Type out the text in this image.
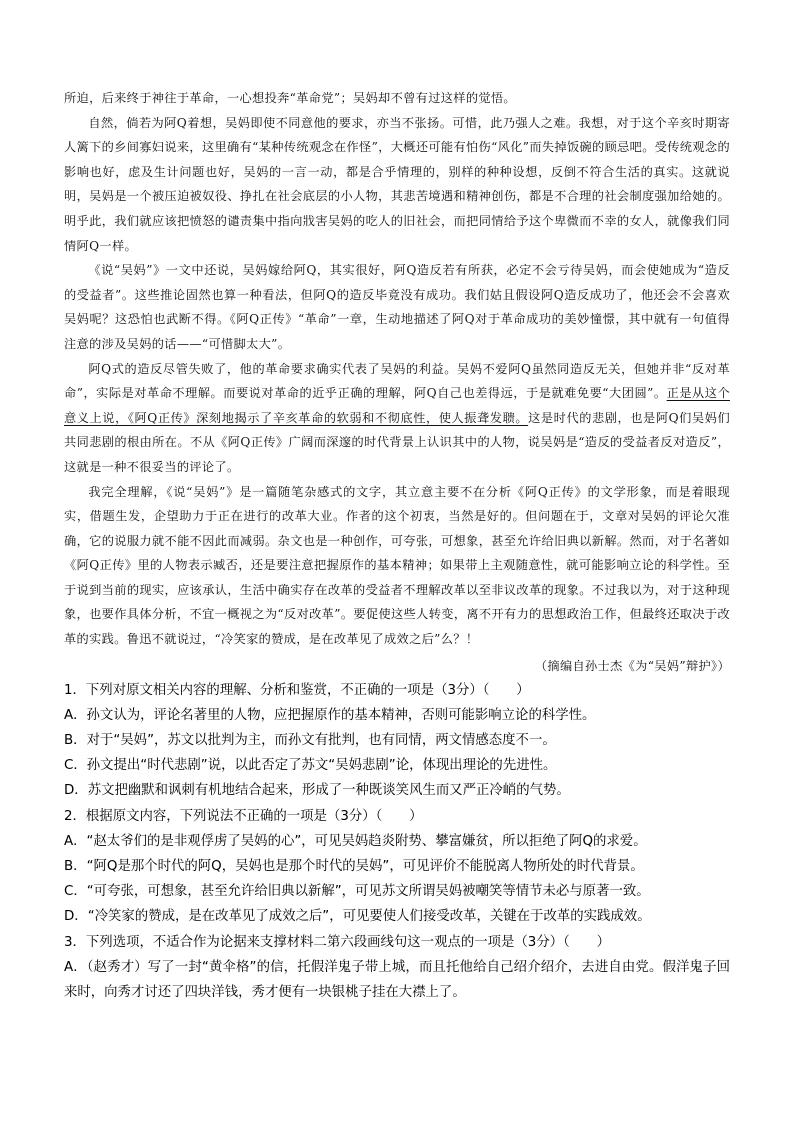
所迫，后来终于神往于革命，一心想投奔“革命党”；吴妈却不曾有过这样的觉悟。

自然，倘若为阿Q着想，吴妈即使不同意他的要求，亦当不张扬。可惜，此乃强人之难。我想，对于这个辛亥时期寄人篱下的乡间寡妇说来，这里确有“某种传统观念在作怪”，大概还可能有怕伤“风化”而失掉饭碗的顾忌吧。受传统观念的影响也好，虑及生计问题也好，吴妈的一言一动，都是合乎情理的，别样的种种设想，反倒不符合生活的真实。这就说明，吴妈是一个被压迫被奴役、挣扎在社会底层的小人物，其悲苦境遇和精神创伤，都是不合理的社会制度强加给她的。明乎此，我们就应该把愤怒的谴责集中指向戕害吴妈的吃人的旧社会，而把同情给予这个卑微而不幸的女人，就像我们同情阿Q一样。

《说“吴妈”》一文中还说，吴妈嫁给阿Q，其实很好，阿Q造反若有所获，必定不会亏待吴妈，而会使她成为“造反的受益者”。这些推论固然也算一种看法，但阿Q的造反毕竟没有成功。我们姑且假设阿Q造反成功了，他还会不会喜欢吴妈呢？这恐怕也武断不得。《阿Q正传》“革命”一章，生动地描述了阿Q对于革命成功的美妙憧憬，其中就有一句值得注意的涉及吴妈的话——“可惜脚太大”。

阿Q式的造反尽管失败了，他的革命要求确实代表了吴妈的利益。吴妈不爱阿Q虽然同造反无关，但她并非“反对革命”，实际是对革命不理解。而要说对革命的近乎正确的理解，阿Q自己也差得远，于是就难免要“大团圆”。正是从这个意义上说，《阿Q正传》深刻地揭示了辛亥革命的软弱和不彻底性，使人振聋发聩。这是时代的悲剧，也是阿Q们吴妈们共同悲剧的根由所在。不从《阿Q正传》广阔而深邃的时代背景上认识其中的人物，说吴妈是“造反的受益者反对造反”，这就是一种不很妥当的评论了。

我完全理解，《说“吴妈”》是一篇随笔杂感式的文字，其立意主要不在分析《阿Q正传》的文学形象，而是着眼现实，借题生发，企望助力于正在进行的改革大业。作者的这个初衷，当然是好的。但问题在于，文章对吴妈的评论欠准确，它的说服力就不能不因此而减弱。杂文也是一种创作，可夸张，可想象，甚至允许给旧典以新解。然而，对于名著如《阿Q正传》里的人物表示臧否，还是要注意把握原作的基本精神；如果带上主观随意性，就可能影响立论的科学性。至于说到当前的现实，应该承认，生活中确实存在改革的受益者不理解改革以至非议改革的现象。不过我以为，对于这种现象，也要作具体分析，不宜一概视之为“反对改革”。要促使这些人转变，离不开有力的思想政治工作，但最终还取决于改革的实践。鲁迅不就说过，“冷笑家的赞成，是在改革见了成效之后”么？！

（摘编自孙士杰《为“吴妈”辩护》）
1．下列对原文相关内容的理解、分析和鉴赏，不正确的一项是（3分）（　　）
A．孙文认为，评论名著里的人物，应把握原作的基本精神，否则可能影响立论的科学性。
B．对于“吴妈”，苏文以批判为主，而孙文有批判，也有同情，两文情感态度不一。
C．孙文提出“时代悲剧”说，以此否定了苏文“吴妈悲剧”论，体现出理论的先进性。
D．苏文把幽默和讽刺有机地结合起来，形成了一种既谈笑风生而又严正冷峭的气势。
2．根据原文内容，下列说法不正确的一项是（3分）（　　）
A．“赵太爷们的是非观俘虏了吴妈的心”，可见吴妈趋炎附势、攀富嫌贫，所以拒绝了阿Q的求爱。
B．“阿Q是那个时代的阿Q，吴妈也是那个时代的吴妈”，可见评价不能脱离人物所处的时代背景。
C．“可夸张，可想象，甚至允许给旧典以新解”，可见苏文所谓吴妈被嘲笑等情节未必与原著一致。
D．“冷笑家的赞成，是在改革见了成效之后”，可见要使人们接受改革，关键在于改革的实践成效。
3．下列选项，不适合作为论据来支撑材料二第六段画线句这一观点的一项是（3分）（　　）
A．（赵秀才）写了一封“黄伞格”的信，托假洋鬼子带上城，而且托他给自己绍介绍介，去进自由党。假洋鬼子回来时，向秀才讨还了四块洋钱，秀才便有一块银桃子挂在大襟上了。
